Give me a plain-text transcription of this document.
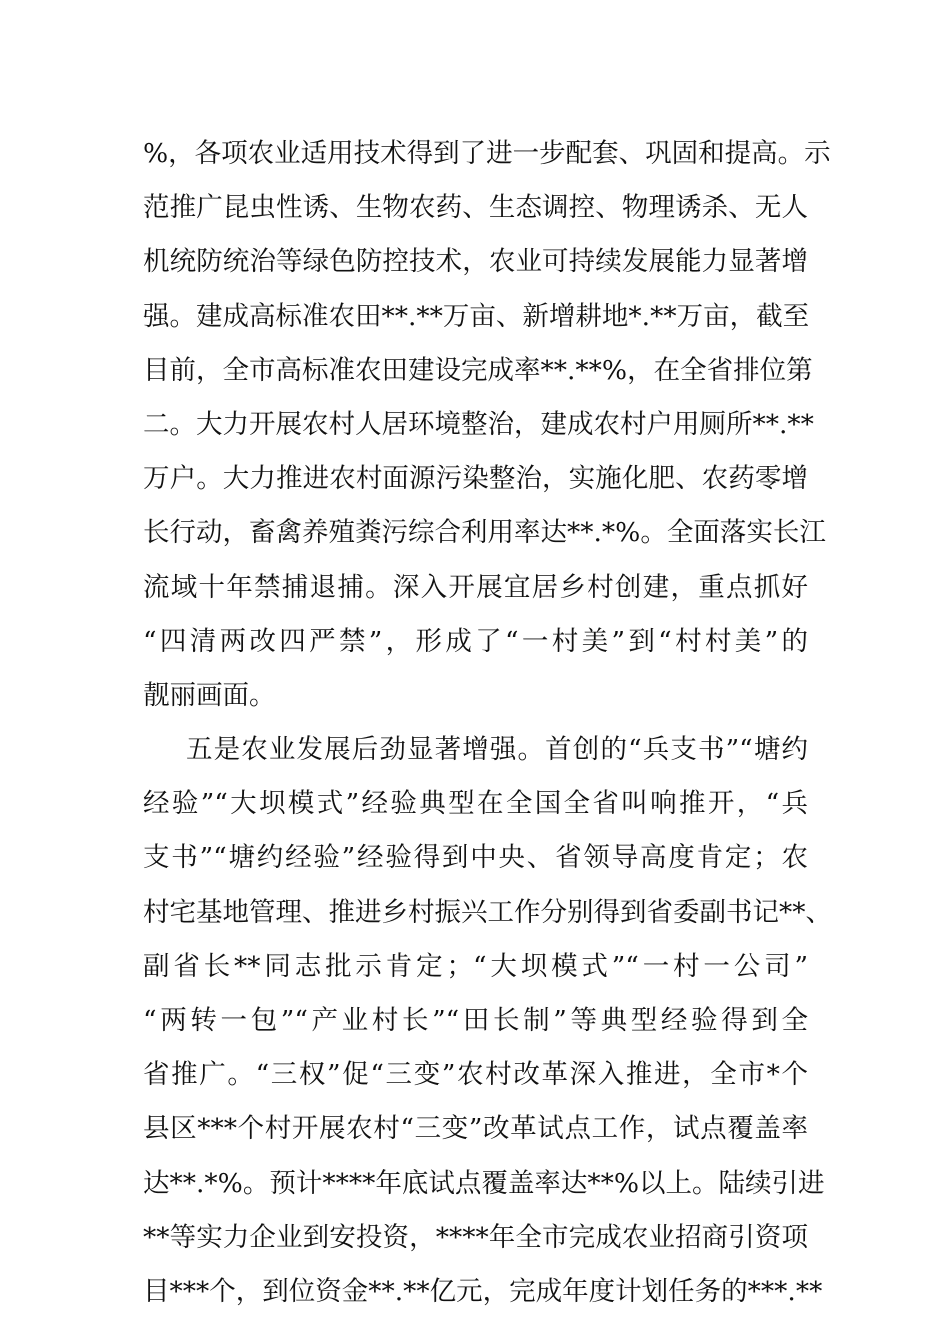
%，各项农业适用技术得到了进一步配套、巩固和提高。示
范推广昆虫性诱、生物农药、生态调控、物理诱杀、无人
机统防统治等绿色防控技术，农业可持续发展能力显著增
强。建成高标准农田**.**万亩、新增耕地*.**万亩，截至
目前，全市高标准农田建设完成率**.**%，在全省排位第
二。大力开展农村人居环境整治，建成农村户用厕所**.**
万户。大力推进农村面源污染整治，实施化肥、农药零增
长行动，畜禽养殖粪污综合利用率达**.*%。全面落实长江
流域十年禁捕退捕。深入开展宜居乡村创建，重点抓好
“四清两改四严禁”，形成了“一村美”到“村村美”的
靓丽画面。
五是农业发展后劲显著增强。首创的“兵支书”“塘约
经验”“大坝模式”经验典型在全国全省叫响推开，“兵
支书”“塘约经验”经验得到中央、省领导高度肯定；农
村宅基地管理、推进乡村振兴工作分别得到省委副书记**、
副省长**同志批示肯定；“大坝模式”“一村一公司”
“两转一包”“产业村长”“田长制”等典型经验得到全
省推广。“三权”促“三变”农村改革深入推进，全市*个
县区***个村开展农村“三变”改革试点工作，试点覆盖率
达**.*%。预计****年底试点覆盖率达**%以上。陆续引进
**等实力企业到安投资，****年全市完成农业招商引资项
目***个，到位资金**.**亿元，完成年度计划任务的***.**
